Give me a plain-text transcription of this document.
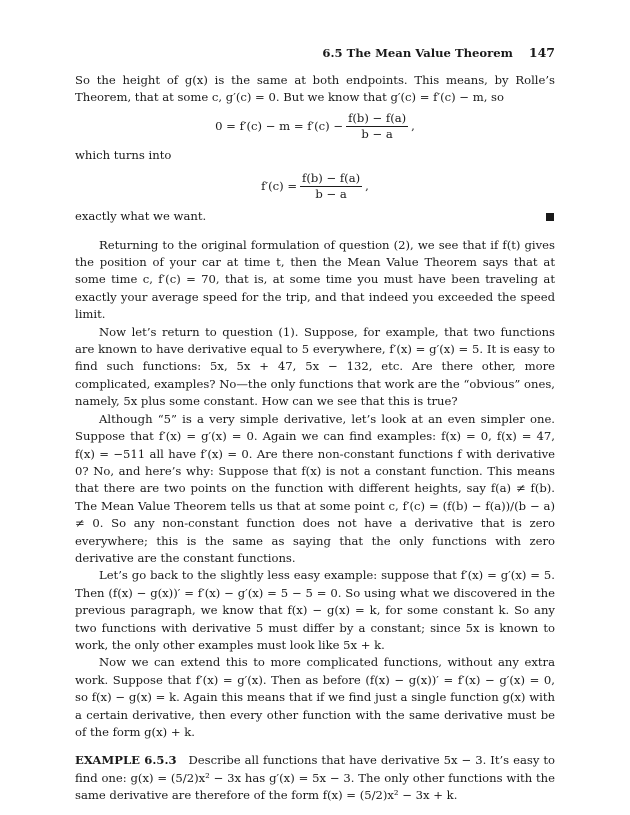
6.5 The Mean Value Theorem 147

So the height of g(x) is the same at both endpoints. This means, by Rolle’s Theorem, that at some c, g′(c) = 0. But we know that g′(c) = f′(c) − m, so

$0 = f'(c) - m = f'(c) - \frac{f(b) - f(a)}{b - a}$ ,

which turns into

$f'(c) = \frac{f(b) - f(a)}{b - a}$ ,
exactly what we want.

Returning to the original formulation of question (2), we see that if f(t) gives the position of your car at time t, then the Mean Value Theorem says that at some time c, f′(c) = 70, that is, at some time you must have been traveling at exactly your average speed for the trip, and that indeed you exceeded the speed limit.

Now let’s return to question (1). Suppose, for example, that two functions are known to have derivative equal to 5 everywhere, f′(x) = g′(x) = 5. It is easy to find such functions: 5x, 5x + 47, 5x − 132, etc. Are there other, more complicated, examples? No—the only functions that work are the “obvious” ones, namely, 5x plus some constant. How can we see that this is true?

Although “5” is a very simple derivative, let’s look at an even simpler one. Suppose that f′(x) = g′(x) = 0. Again we can find examples: f(x) = 0, f(x) = 47, f(x) = −511 all have f′(x) = 0. Are there non-constant functions f with derivative 0? No, and here’s why: Suppose that f(x) is not a constant function. This means that there are two points on the function with different heights, say f(a) ≠ f(b). The Mean Value Theorem tells us that at some point c, f′(c) = (f(b) − f(a))/(b − a) ≠ 0. So any non-constant function does not have a derivative that is zero everywhere; this is the same as saying that the only functions with zero derivative are the constant functions.

Let’s go back to the slightly less easy example: suppose that f′(x) = g′(x) = 5. Then (f(x) − g(x))′ = f′(x) − g′(x) = 5 − 5 = 0. So using what we discovered in the previous paragraph, we know that f(x) − g(x) = k, for some constant k. So any two functions with derivative 5 must differ by a constant; since 5x is known to work, the only other examples must look like 5x + k.

Now we can extend this to more complicated functions, without any extra work. Suppose that f′(x) = g′(x). Then as before (f(x) − g(x))′ = f′(x) − g′(x) = 0, so f(x) − g(x) = k. Again this means that if we find just a single function g(x) with a certain derivative, then every other function with the same derivative must be of the form g(x) + k.

EXAMPLE 6.5.3 Describe all functions that have derivative 5x − 3. It’s easy to find one: g(x) = (5/2)x² − 3x has g′(x) = 5x − 3. The only other functions with the same derivative are therefore of the form f(x) = (5/2)x² − 3x + k.
